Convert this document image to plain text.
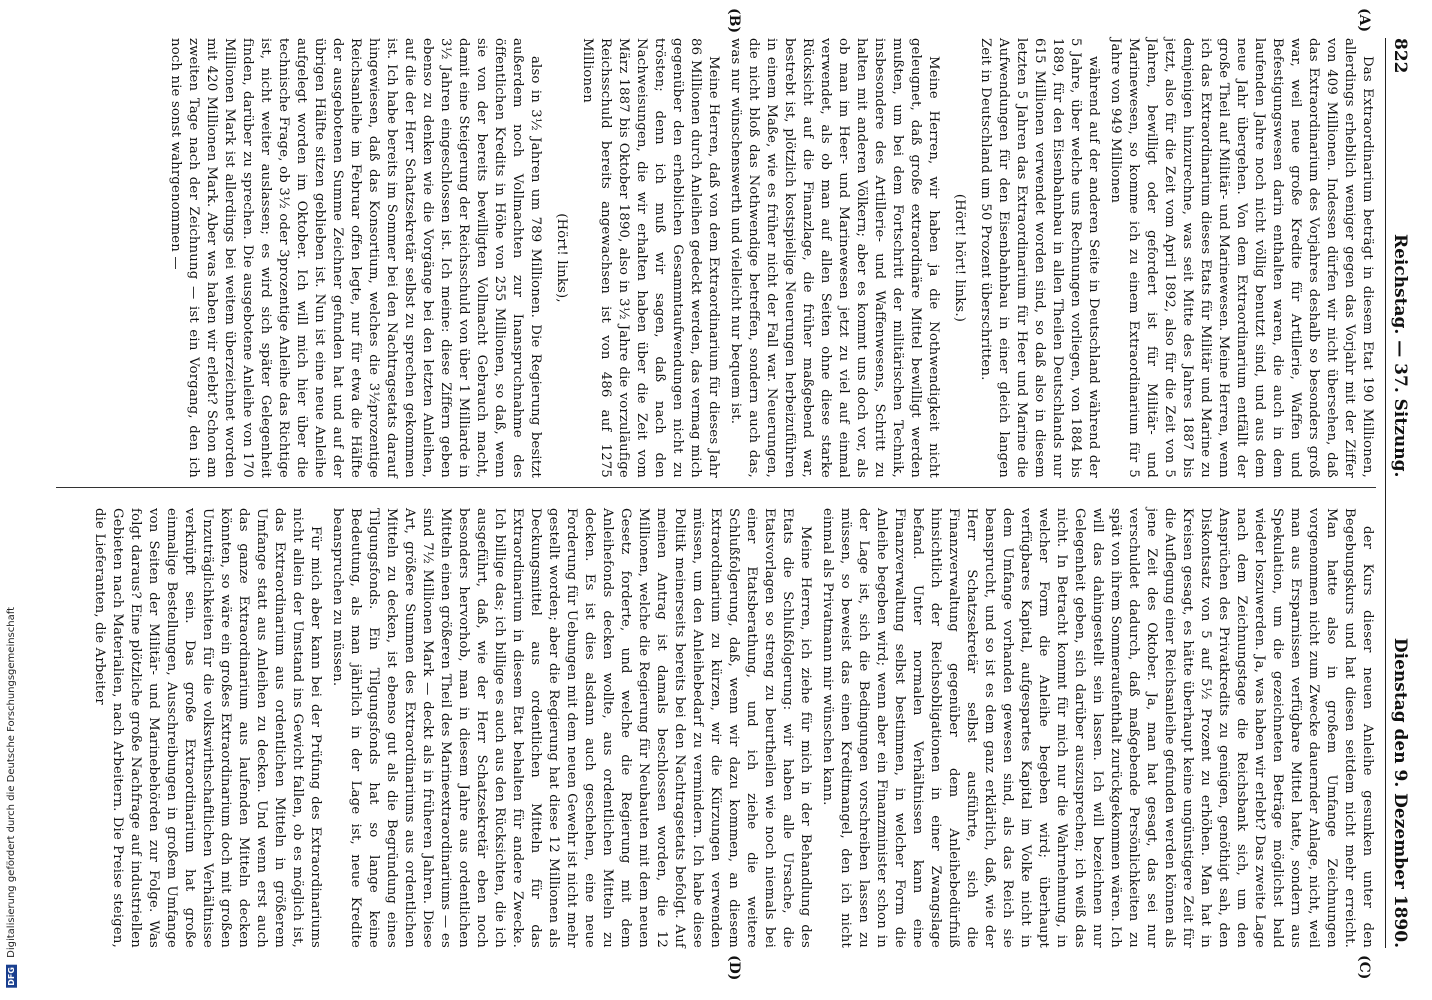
DFG Digitalisierung gefördert durch die Deutsche Forschungsgemeinschaft
822
Reichstag. — 37. Sitzung.
Dienstag den 9. Dezember 1890.
(A)
(B)
(C)
(D)

Das Extraordinarium beträgt in diesem Etat 190 Millionen, allerdings erheblich weniger gegen das Vorjahr mit der Ziffer von 409 Millionen. Indessen dürfen wir nicht übersehen, daß das Extraordinarium des Vorjahres deshalb so besonders groß war, weil neue große Kredite für Artillerie, Waffen und Befestigungswesen darin enthalten waren, die auch in dem laufenden Jahre noch nicht völlig benutzt sind, und aus dem neue Jahr übergehen. Von dem Extraordinarium entfällt der große Theil auf Militär- und Marinewesen. Meine Herren, wenn ich das Extraordinarium dieses Etats für Militär und Marine zu demjenigen hinzurechne, was seit Mitte des Jahres 1887 bis jetzt, also für die Zeit vom April 1892, also für die Zeit von 5 Jahren, bewilligt oder gefordert ist für Militär- und Marinewesen, so komme ich zu einem Extraordinarium für 5 Jahre von 949 Millionen

während auf der anderen Seite in Deutschland während der 5 Jahre, über welche uns Rechnungen vorliegen, von 1884 bis 1889, für den Eisenbahnbau in allen Theilen Deutschlands nur 615 Millionen verwendet worden sind, so daß also in diesem letzten 5 Jahren das Extraordinarium für Heer und Marine die Aufwendungen für den Eisenbahnbau in einer gleich langen Zeit in Deutschland um 50 Prozent überschritten.

(Hört! hört! links.)

Meine Herren, wir haben ja die Nothwendigkeit nicht geleugnet, daß große extraordinäre Mittel bewilligt werden mußten, um bei dem Fortschritt der militärischen Technik, insbesondere des Artillerie- und Waffenwesens, Schritt zu halten mit anderen Völkern; aber es kommt uns doch vor, als ob man im Heer- und Marinewesen jetzt zu viel auf einmal verwendet, als ob man auf allen Seiten ohne diese starke Rücksicht auf die Finanzlage, die früher maßgebend war, bestrebt ist, plötzlich kostspielige Neuerungen herbeizuführen in einem Maße, wie es früher nicht der Fall war. Neuerungen, die nicht bloß das Nothwendige betreffen, sondern auch das, was nur wünschenswerth und vielleicht nur bequem ist.

Meine Herren, daß von dem Extraordinarium für dieses Jahr 86 Millionen durch Anleihen gedeckt werden, das vermag mich gegenüber den erheblichen Gesammtaufwendungen nicht zu trösten; denn ich muß wir sagen, daß nach den Nachweisungen, die wir erhalten haben über die Zeit vom März 1887 bis Oktober 1890, also in 3½ Jahre die vorzuläufige Reichsschuld bereits angewachsen ist von 486 auf 1275 Millionen

(Hört! links),

also in 3½ Jahren um 789 Millionen. Die Regierung besitzt außerdem noch Vollmachten zur Inanspruchnahme des öffentlichen Kredits in Höhe von 255 Millionen, so daß, wenn sie von der bereits bewilligten Vollmacht Gebrauch macht, damit eine Steigerung der Reichsschuld von über 1 Milliarde in 3½ Jahren eingeschlossen ist. Ich meine: diese Ziffern geben ebenso zu denken wie die Vorgänge bei den letzten Anleihen, auf die der Herr Schatzsekretär selbst zu sprechen gekommen ist. Ich habe bereits im Sommer bei den Nachtragsetats darauf hingewiesen, daß das Konsortium, welches die 3½prozentige Reichsanleihe im Februar offen legte, nur für etwa die Hälfte der ausgebotenen Summe Zeichner gefunden hat und auf der übrigen Hälfte sitzen geblieben ist. Nun ist eine neue Anleihe aufgelegt worden im Oktober. Ich will mich hier über die technische Frage, ob 3½ oder 3prozentige Anleihe das Richtige ist, nicht weiter auslassen; es wird sich später Gelegenheit finden, darüber zu sprechen. Die ausgebotene Anleihe von 170 Millionen Mark ist allerdings bei weitem überzeichnet worden mit 420 Millionen Mark. Aber was haben wir erlebt? Schon am zweiten Tage nach der Zeichnung — ist ein Vorgang, den ich noch nie sonst wahrgenommen —

der Kurs dieser neuen Anleihe gesunken unter den Begebungskurs und hat diesen seitdem nicht mehr erreicht. Man hatte also in großem Umfange Zeichnungen vorgenommen nicht zum Zwecke dauernder Anlage, nicht, weil man aus Ersparnissen verfügbare Mittel hatte, sondern aus Spekulation, um die gezeichneten Beträge möglichst bald wieder loszuwerden. Ja, was haben wir erlebt? Das zweite Lage nach dem Zeichnungstage die Reichsbank sich, um den Ansprüchen des Privatkredits zu genügen, genöthigt sah, den Diskontsatz von 5 auf 5½ Prozent zu erhöhen. Man hat in Kreisen gesagt, es hätte überhaupt keine ungünstigere Zeit für die Auflegung einer Reichsanleihe gefunden werden können als jene Zeit des Oktober. Ja, man hat gesagt, das sei nur verschuldet dadurch, daß maßgebende Persönlichkeiten zu spät von ihrem Sommeraufenthalt zurückgekommen wären. Ich will das dahingestellt sein lassen. Ich will bezeichnen nur Gelegenheit geben, sich darüber auszusprechen; ich weiß das nicht. In Betracht kommt für mich nur die Wahrnehmung, in welcher Form die Anleihe begeben wird; überhaupt verfügbares Kapital, aufgespartes Kapital im Volke nicht in dem Umfange vorhanden gewesen sind, als das Reich sie beansprucht, und so ist es dem ganz erklärlich, daß, wie der Herr Schatzsekretär selbst ausführte, sich die Finanzverwaltung gegenüber dem Anleihebedürfniß hinsichtlich der Reichsobligationen in einer Zwangslage befand. Unter normalen Verhältnissen kann eine Finanzverwaltung selbst bestimmen, in welcher Form die Anleihe begeben wird; wenn aber ein Finanzminister schon in der Lage ist, sich die Bedingungen vorschreiben lassen zu müssen, so beweist das einen Kreditmangel, den ich nicht einmal als Privatmann mir wünschen kann.

Meine Herren, ich ziehe für mich in der Behandlung des Etats die Schlußfolgerung: wir haben alle Ursache, die Etatsvorlagen so streng zu beurtheilen wie noch niemals bei einer Etatsberathung, und ich ziehe die weitere Schlußfolgerung, daß, wenn wir dazu kommen, an diesem Extraordinarium zu kürzen, wir die Kürzungen verwenden müssen, um den Anleihebedarf zu vermindern. Ich habe diese Politik meinerseits bereits bei den Nachtragsetats befolgt. Auf meinen Antrag ist damals beschlossen worden, die 12 Millionen, welche die Regierung für Neubauten mit dem neuen Gesetz forderte, und welche die Regierung mit dem Anleihefonds decken wollte, aus ordentlichen Mitteln zu decken. Es ist dies alsdann auch geschehen, eine neue Forderung für Uebungen mit dem neuen Gewehr ist nicht mehr gestellt worden; aber die Regierung hat diese 12 Millionen als Deckungsmittel aus ordentlichen Mitteln für das Extraordinarium in diesem Etat behalten für andere Zwecke. Ich billige das; ich billige es auch aus den Rücksichten, die ich ausgeführt, daß, wie der Herr Schatzsekretär eben noch besonders hervorhob, man in diesem Jahre aus ordentlichen Mitteln einen größeren Theil des Marineextraordinariums — es sind 7½ Millionen Mark — deckt als in früheren Jahren. Diese Art, größere Summen des Extraordinariums aus ordentlichen Mitteln zu decken, ist ebenso gut als die Begründung eines Tilgungsfonds. Ein Tilgungsfonds hat so lange keine Bedeutung, als man jährlich in der Lage ist, neue Kredite beanspruchen zu müssen.

Für mich aber kann bei der Prüfung des Extraordinariums nicht allein der Umstand ins Gewicht fallen, ob es möglich ist, das Extraordinarium aus ordentlichen Mitteln in größerem Umfange statt aus Anleihen zu decken. Und wenn erst auch das ganze Extraordinarium aus laufenden Mitteln decken könnten, so wäre ein großes Extraordinarium doch mit großen Unzuträglichkeiten für die volkswirthschaftlichen Verhältnisse verknüpft sein. Das große Extraordinarium hat große einmalige Bestellungen, Ausschreibungen in großem Umfange von Seiten der Militär- und Marinebehörden zur Folge. Was folgt daraus? Eine plötzliche große Nachfrage auf industriellen Gebieten nach Materialien, nach Arbeitern. Die Preise steigen, die Lieferanten, die Arbeiter
